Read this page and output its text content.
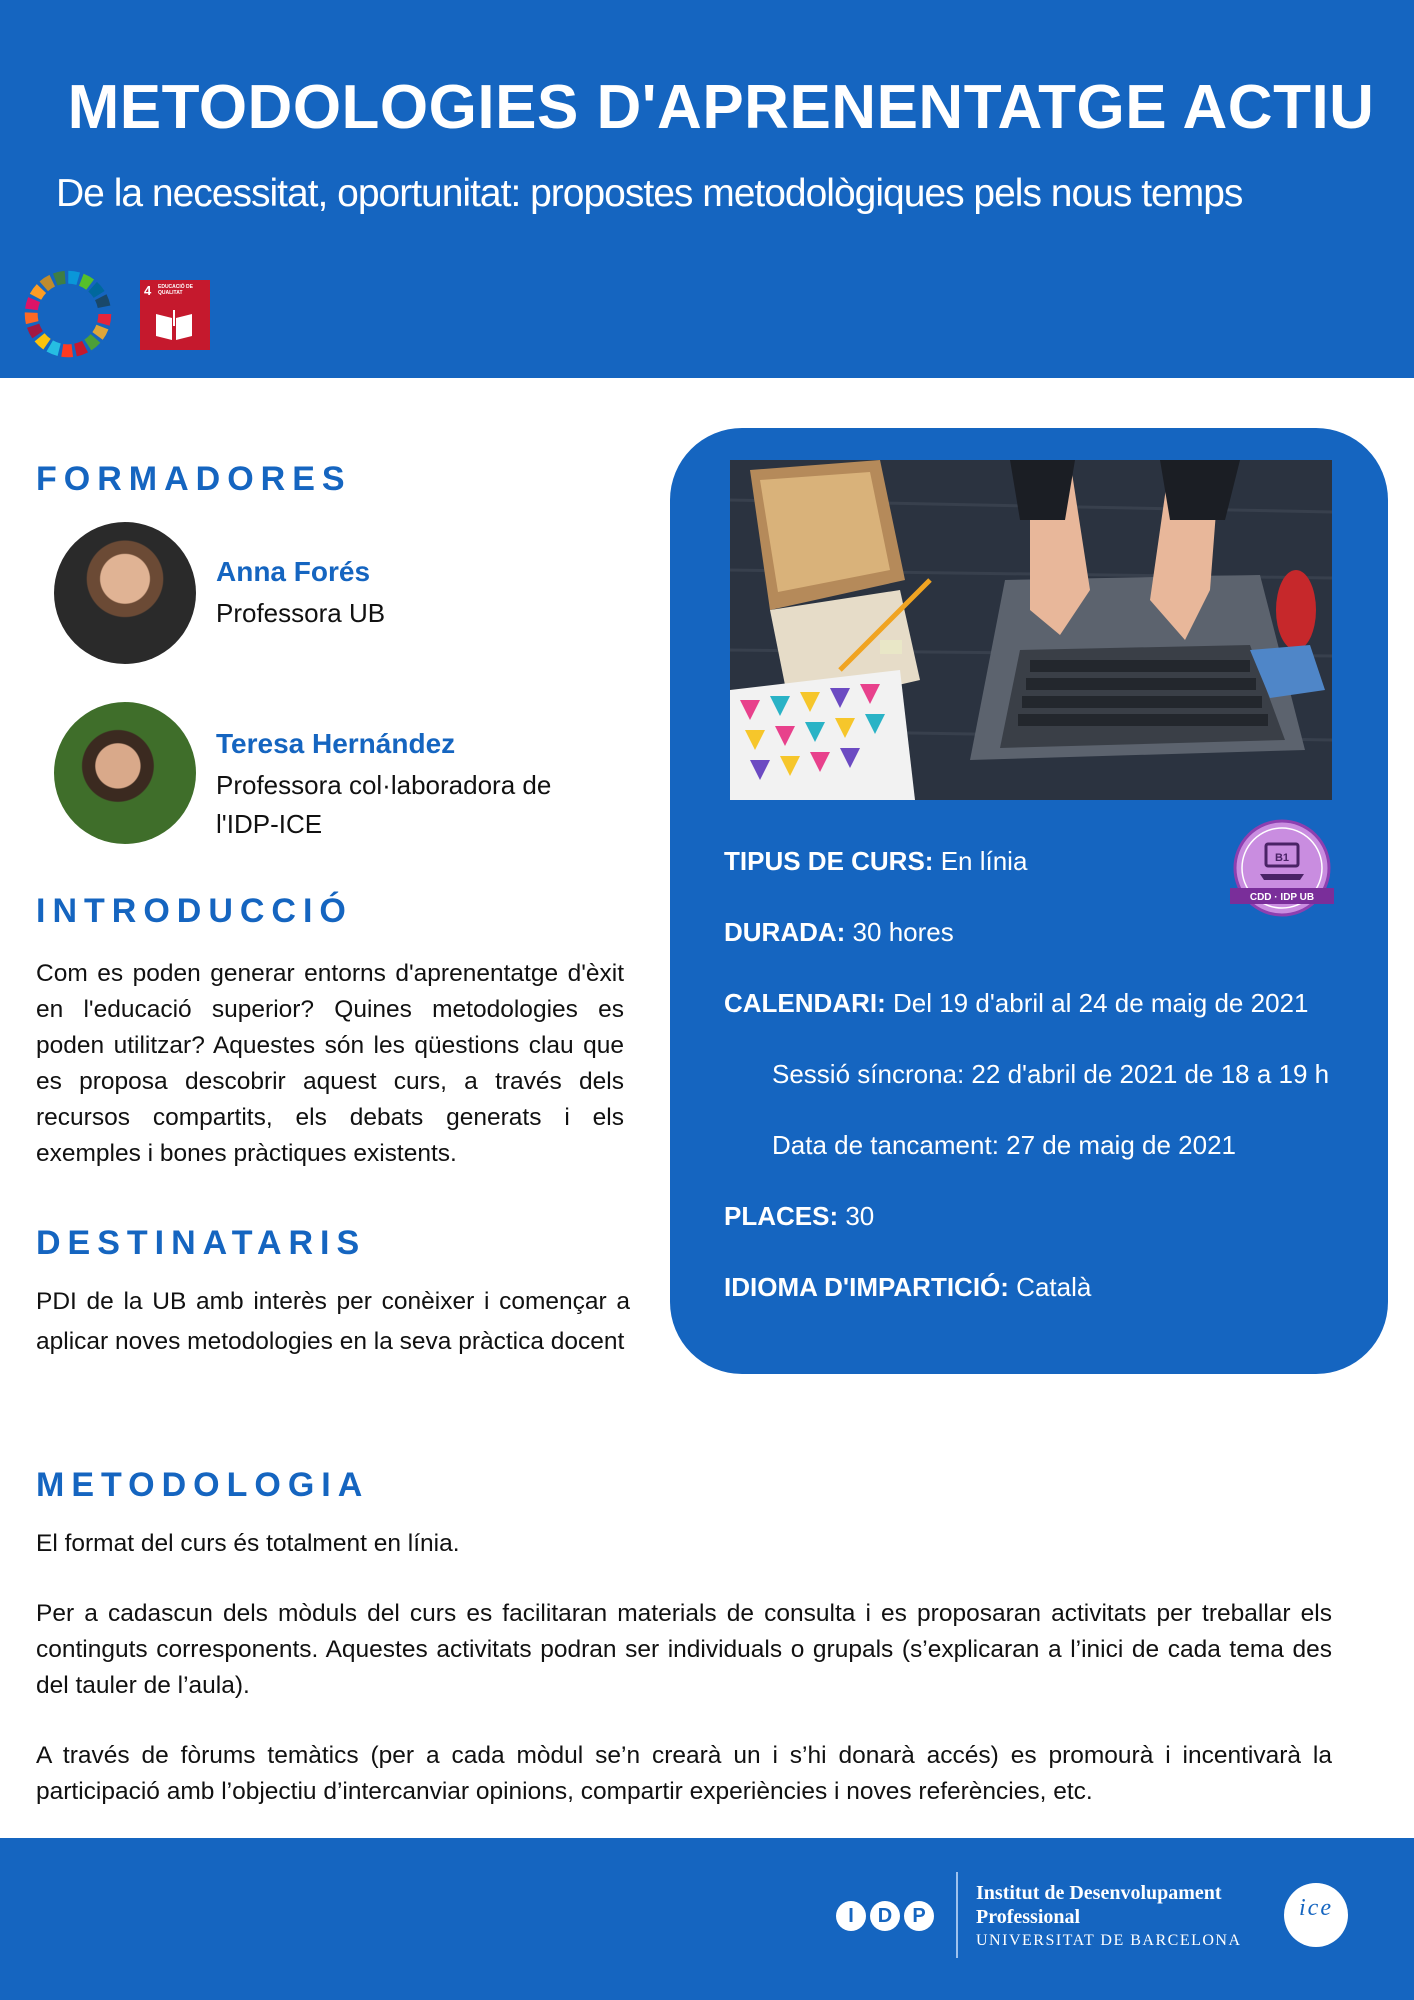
METODOLOGIES D'APRENENTATGE ACTIU
De la necessitat, oportunitat: propostes metodològiques pels nous temps
4 EDUCACIÓ DE QUALITAT
FORMADORES
Anna Forés
Professora UB
Teresa Hernández
Professora col·laboradora de l'IDP-ICE
INTRODUCCIÓ
Com es poden generar entorns d'aprenentatge d'èxit en l'educació superior? Quines metodologies es poden utilitzar? Aquestes són les qüestions clau que es proposa descobrir aquest curs, a través dels recursos compartits, els debats generats i els exemples i bones pràctiques existents.
DESTINATARIS
PDI de la UB amb interès per conèixer i començar a aplicar noves metodologies en la seva pràctica docent
TIPUS DE CURS: En línia
DURADA: 30 hores
CALENDARI: Del 19 d'abril al 24 de maig de 2021
Sessió síncrona: 22 d'abril de 2021 de 18 a 19 h
Data de tancament: 27 de maig de 2021
PLACES: 30
IDIOMA D'IMPARTICIÓ: Català
B1
CDD · IDP UB
METODOLOGIA
El format del curs és totalment en línia.
Per a cadascun dels mòduls del curs es facilitaran materials de consulta i es proposaran activitats per treballar els continguts corresponents. Aquestes activitats podran ser individuals o grupals (s’explicaran a l’inici de cada tema des del tauler de l’aula).
A través de fòrums temàtics (per a cada mòdul se’n crearà un i s’hi donarà accés) es promourà i incentivarà la participació amb l’objectiu d’intercanviar opinions, compartir experiències i noves referències, etc.
I	D	P
Institut de Desenvolupament
Professional
UNIVERSITAT DE BARCELONA
ice
